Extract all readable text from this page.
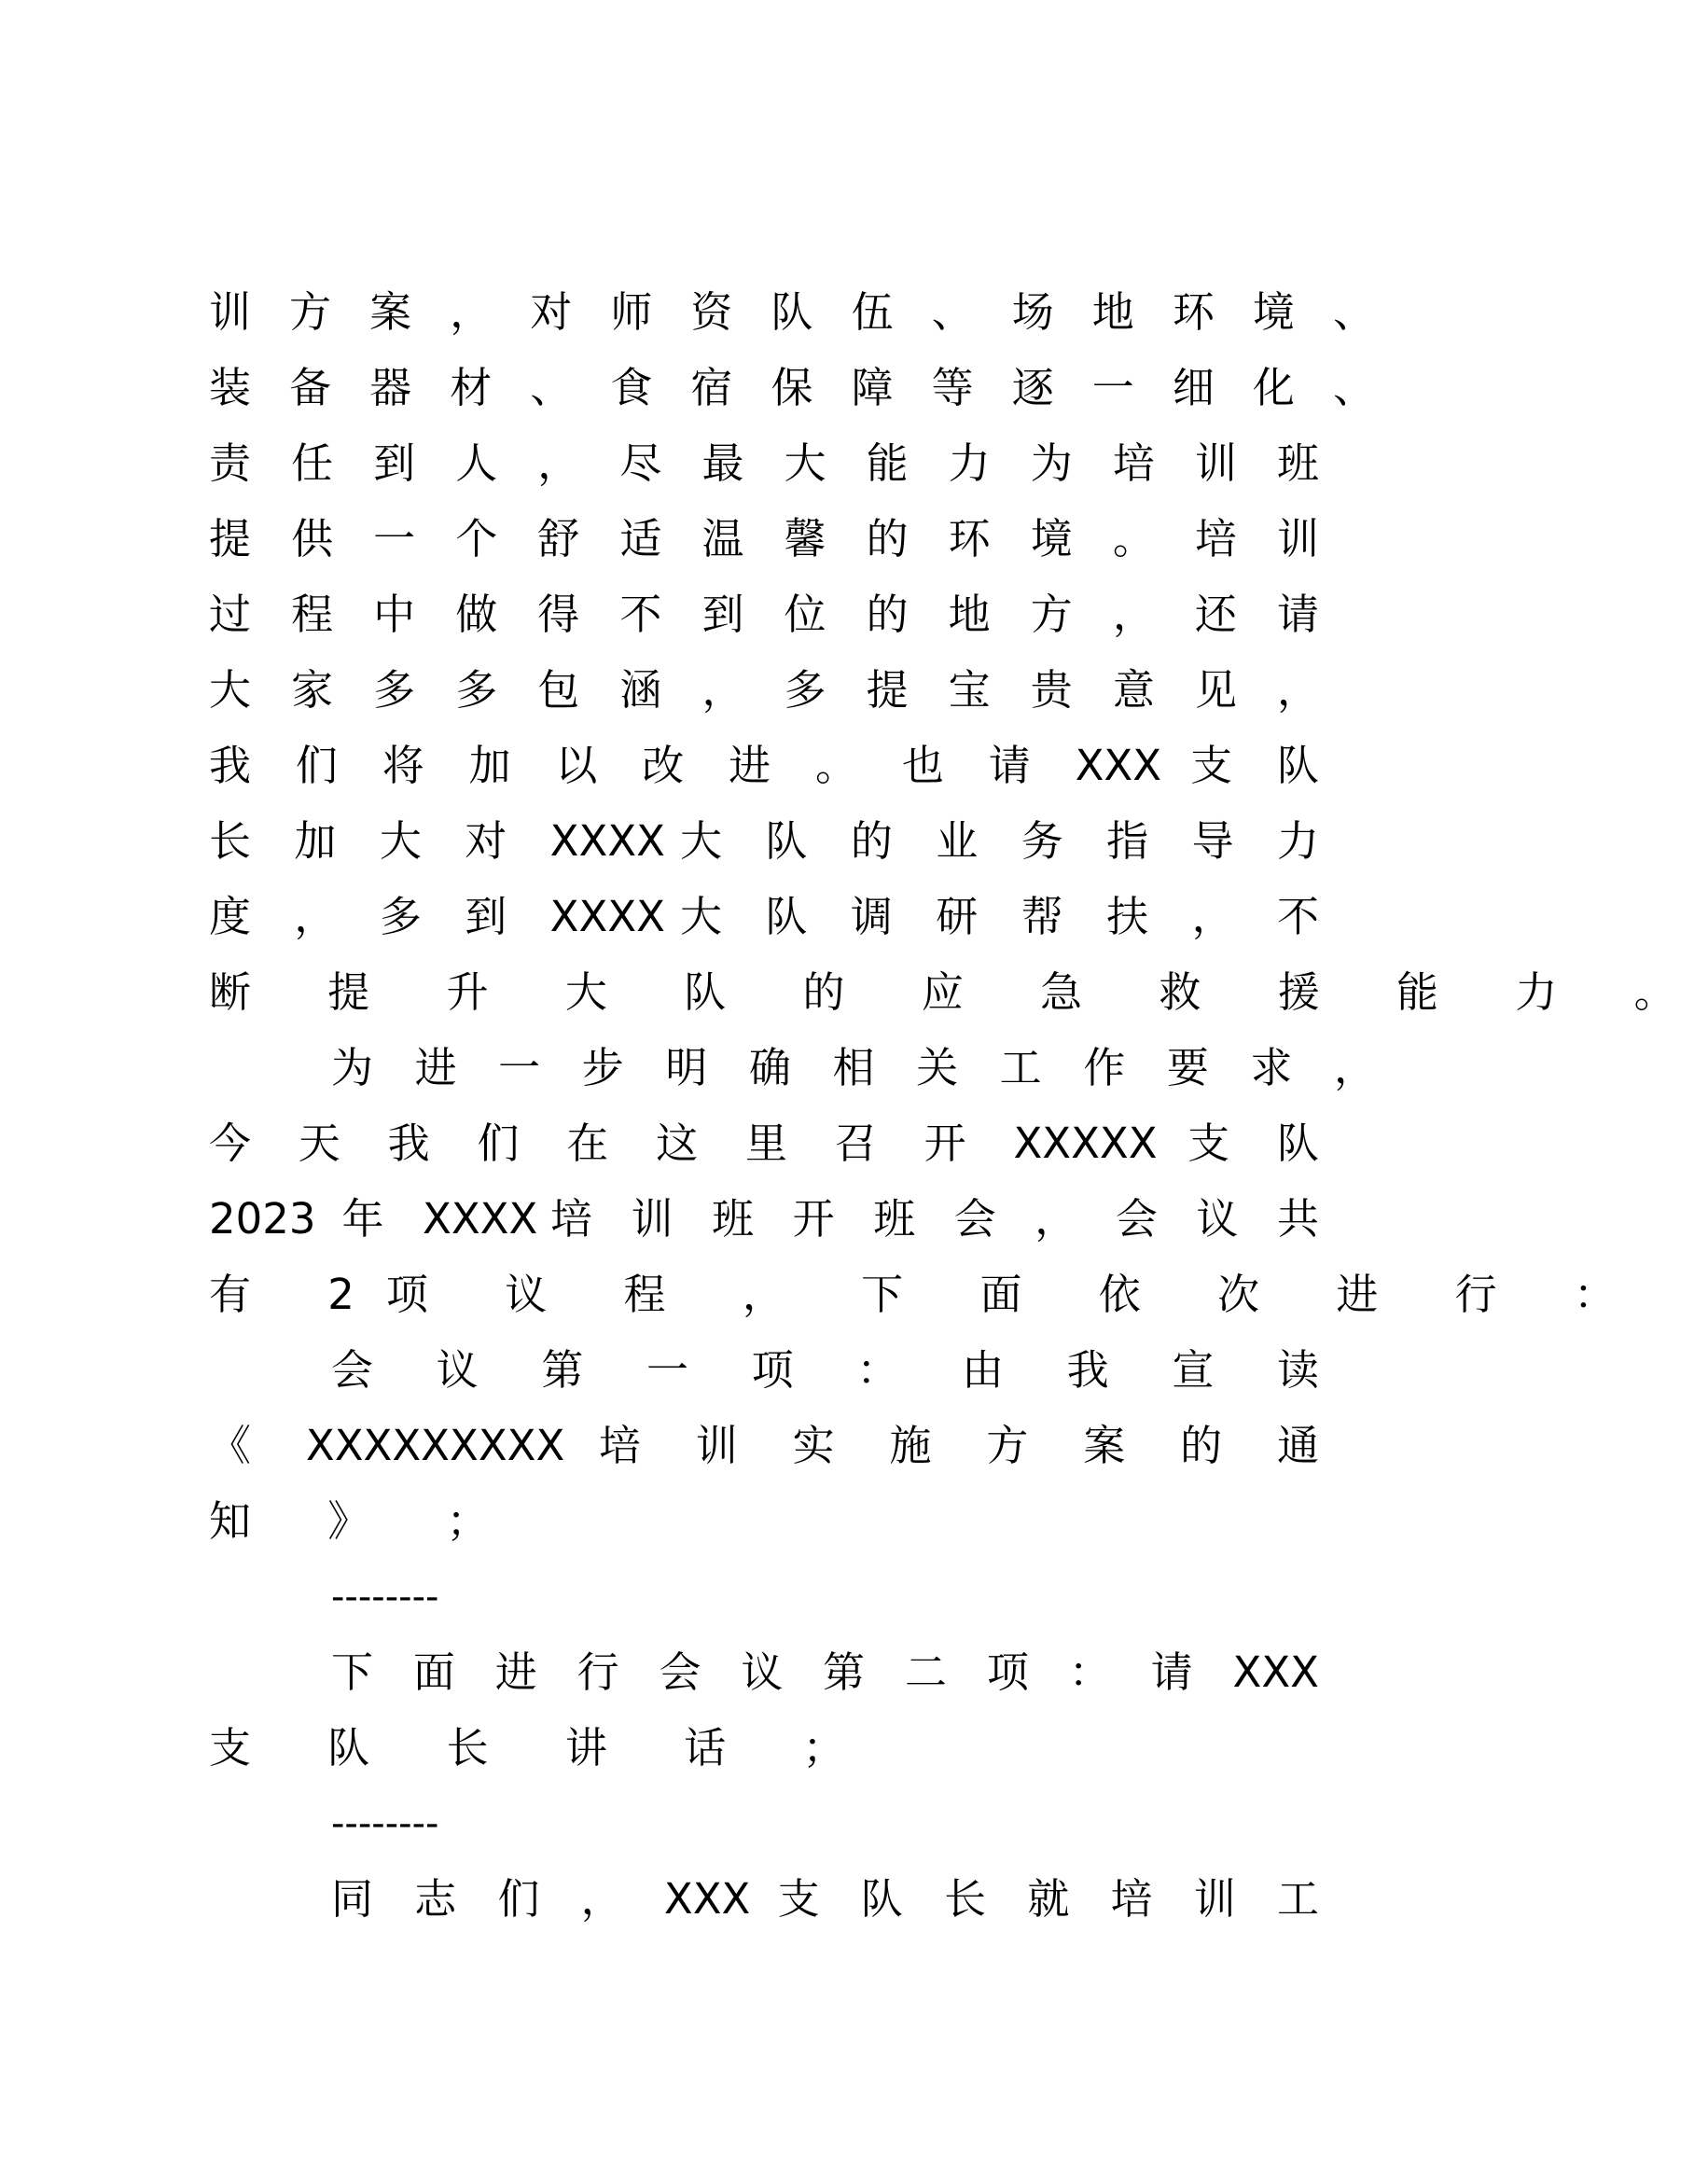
训 方 案 ， 对 师 资 队 伍 、 场 地 环 境 、
装 备 器 材 、 食 宿 保 障 等 逐 一 细 化 、
责 任 到 人 ， 尽 最 大 能 力 为 培 训 班
提 供 一 个 舒 适 温 馨 的 环 境 。 培 训
过 程 中 做 得 不 到 位 的 地 方 ， 还 请
大 家 多 多 包 涵 ， 多 提 宝 贵 意 见 ，
我 们 将 加 以 改 进 。 也 请 XXX 支 队
长 加 大 对 XXXX大 队 的 业 务 指 导 力
度 ， 多 到 XXXX大 队 调 研 帮 扶 ， 不
断 提 升 大 队 的 应 急 救 援 能 力 。
为 进 一 步 明 确 相 关 工 作 要 求 ，
今 天 我 们 在 这 里 召 开 XXXXX 支 队
2023 年 XXXX培 训 班 开 班 会 ， 会 议 共
有 2项 议 程 ， 下 面 依 次 进 行 ：
会 议 第 一 项 ： 由 我 宣 读
《 XXXXXXXXX 培 训 实 施 方 案 的 通
知 》 ；
--------
下 面 进 行 会 议 第 二 项 ： 请 XXX
支 队 长 讲 话 ；
--------
同 志 们 ， XXX 支 队 长 就 培 训 工
